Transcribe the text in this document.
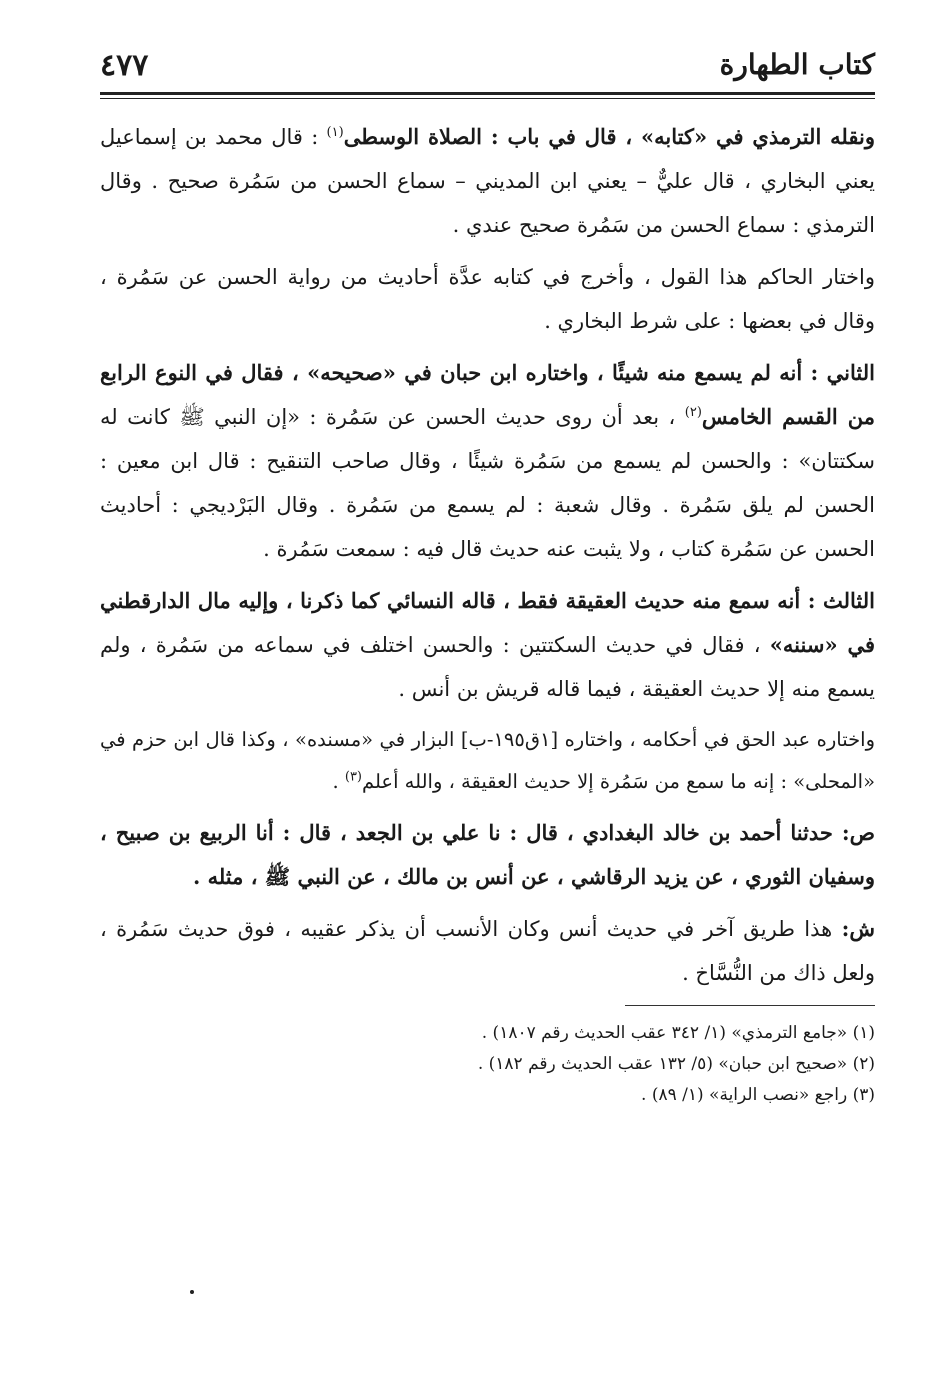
كتاب الطهارة
٤٧٧

ونقله الترمذي في «كتابه» ، قال في باب : الصلاة الوسطى$^{(١)}$ : قال محمد بن إسماعيل يعني البخاري ، قال عليٌّ – يعني ابن المديني – سماع الحسن من سَمُرة صحيح . وقال الترمذي : سماع الحسن من سَمُرة صحيح عندي .

واختار الحاكم هذا القول ، وأخرج في كتابه عدَّة أحاديث من رواية الحسن عن سَمُرة ، وقال في بعضها : على شرط البخاري .

الثاني : أنه لم يسمع منه شيئًا ، واختاره ابن حبان في «صحيحه» ، فقال في النوع الرابع من القسم الخامس$^{(٢)}$ ، بعد أن روى حديث الحسن عن سَمُرة : «إن النبي ﷺ كانت له سكتتان» : والحسن لم يسمع من سَمُرة شيئًا ، وقال صاحب التنقيح : قال ابن معين : الحسن لم يلق سَمُرة . وقال شعبة : لم يسمع من سَمُرة . وقال البَرْديجي : أحاديث الحسن عن سَمُرة كتاب ، ولا يثبت عنه حديث قال فيه : سمعت سَمُرة .

الثالث : أنه سمع منه حديث العقيقة فقط ، قاله النسائي كما ذكرنا ، وإليه مال الدارقطني في «سننه» ، فقال في حديث السكتتين : والحسن اختلف في سماعه من سَمُرة ، ولم يسمع منه إلا حديث العقيقة ، فيما قاله قريش بن أنس .

واختاره عبد الحق في أحكامه ، واختاره [١ق١٩٥-ب] البزار في «مسنده» ، وكذا قال ابن حزم في «المحلى» : إنه ما سمع من سَمُرة إلا حديث العقيقة ، والله أعلم$^{(٣)}$ .

ص: حدثنا أحمد بن خالد البغدادي ، قال : نا علي بن الجعد ، قال : أنا الربيع بن صبيح ، وسفيان الثوري ، عن يزيد الرقاشي ، عن أنس بن مالك ، عن النبي ﷺ ، مثله .

ش: هذا طريق آخر في حديث أنس وكان الأنسب أن يذكر عقيبه ، فوق حديث سَمُرة ، ولعل ذاك من النُّسَّاخ .

(١) «جامع الترمذي» (١/ ٣٤٢ عقب الحديث رقم ١٨٠٧) .

(٢) «صحيح ابن حبان» (٥/ ١٣٢ عقب الحديث رقم ١٨٢) .

(٣) راجع «نصب الراية» (١/ ٨٩) .
